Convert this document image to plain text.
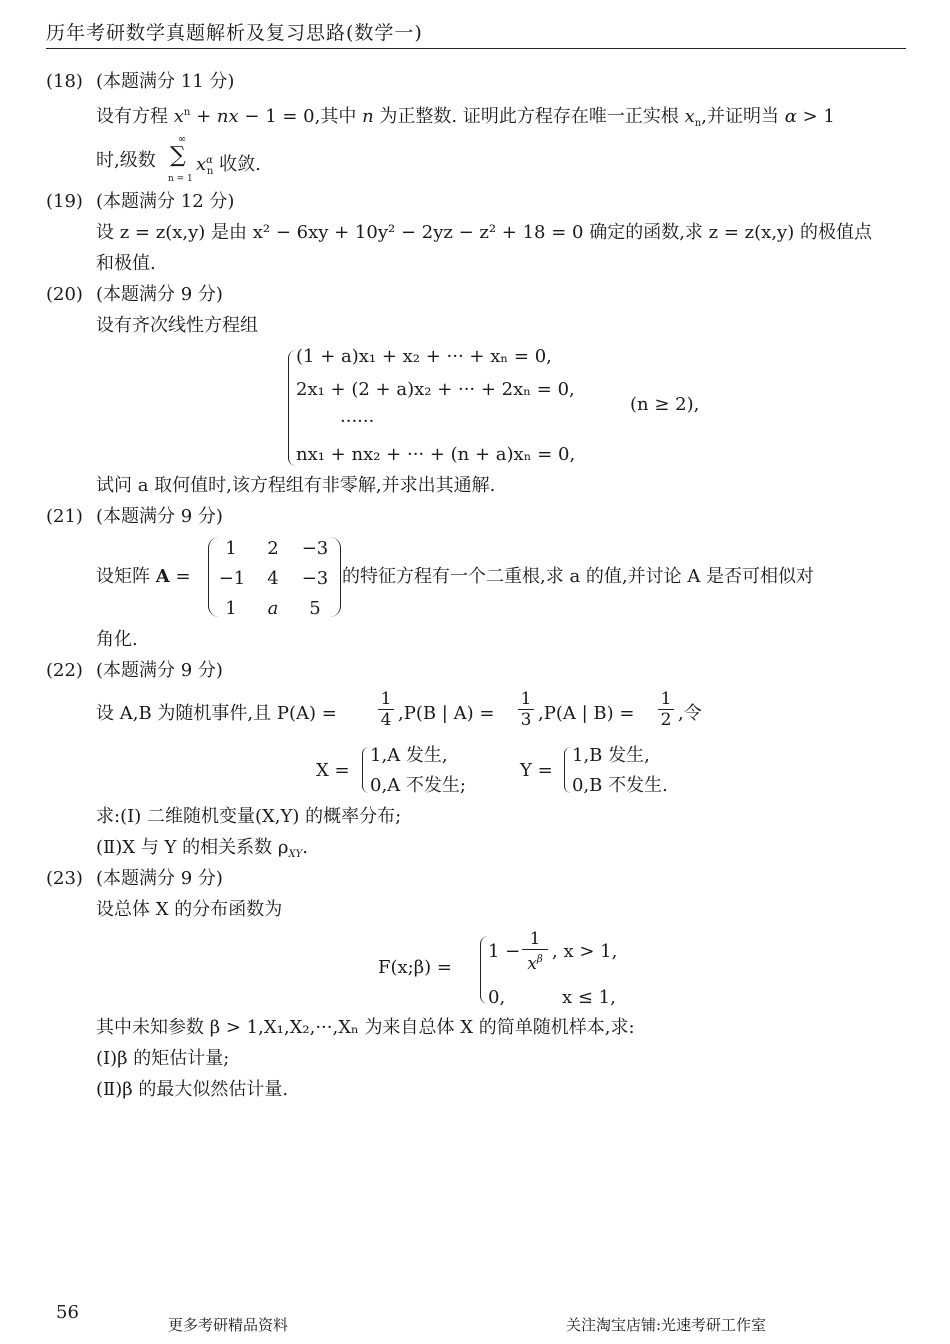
历年考研数学真题解析及复习思路(数学一)
(18) (本题满分 11 分)
设有方程 $x^n$ + nx − 1 = 0,其中 n 为正整数. 证明此方程存在唯一正实根 $x_n$,并证明当 α > 1
时,级数
∞
∑
n = 1
$x^\alpha_n$ 收敛.
(19) (本题满分 12 分)
设 z = z(x,y) 是由 x² − 6xy + 10y² − 2yz − z² + 18 = 0 确定的函数,求 z = z(x,y) 的极值点
和极值.
(20) (本题满分 9 分)
设有齐次线性方程组
(1 + a)x₁ + x₂ + ··· + xₙ = 0,
2x₁ + (2 + a)x₂ + ··· + 2xₙ = 0,
······
nx₁ + nx₂ + ··· + (n + a)xₙ = 0,
(n ≥ 2),
试问 a 取何值时,该方程组有非零解,并求出其通解.
(21) (本题满分 9 分)
设矩阵 A =
1	2	−3
−1	4	−3
1	a	5
的特征方程有一个二重根,求 a 的值,并讨论 A 是否可相似对
角化.
(22) (本题满分 9 分)
设 A,B 为随机事件,且 P(A) =
1
4 ,P(B | A) =
1
3 ,P(A | B) =
1
2 ,令
X =
1,A 发生,
0,A 不发生;
Y =
1,B 发生,
0,B 不发生.
求:(Ⅰ) 二维随机变量(X,Y) 的概率分布;
(Ⅱ)X 与 Y 的相关系数 $\rho_{XY}$.
(23) (本题满分 9 分)
设总体 X 的分布函数为
F(x;β) =
1 −
1
$x^\beta$ , x > 1,
0,	x ≤ 1,
其中未知参数 β > 1,X₁,X₂,···,Xₙ 为来自总体 X 的简单随机样本,求:
(Ⅰ)β 的矩估计量;
(Ⅱ)β 的最大似然估计量.
56
更多考研精品资料	关注淘宝店铺:光速考研工作室
